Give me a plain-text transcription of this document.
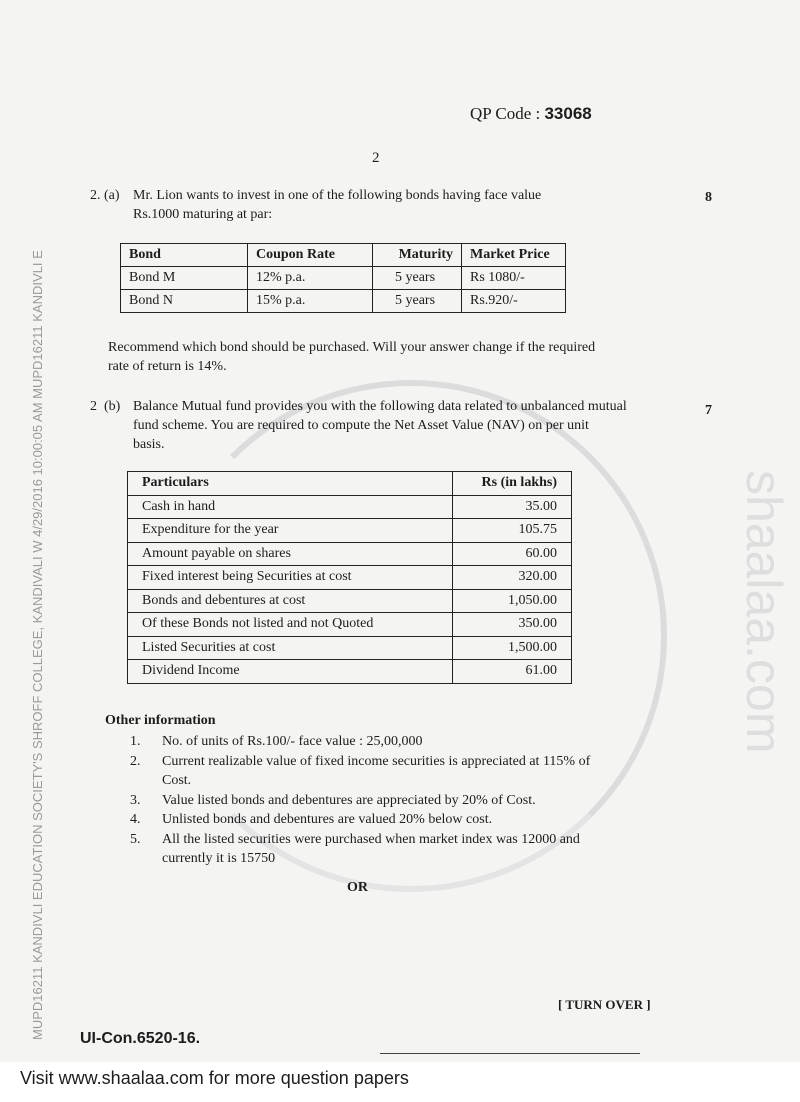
shaalaa.com
MUPD16211 KANDIVLI EDUCATION SOCIETY'S SHROFF COLLEGE, KANDIVALI W 4/29/2016 10:00:05 AM MUPD16211 KANDIVLI E
QP Code : 33068
2
2. (a) Mr. Lion wants to invest in one of the following bonds having face value
Rs.1000 maturing at par:
8
Bond	Coupon Rate	Maturity	Market Price
Bond M	12% p.a.	5 years	Rs 1080/-
Bond N	15% p.a.	5 years	Rs.920/-
Recommend which bond should be purchased. Will your answer change if the required
rate of return is 14%.
2 (b) Balance Mutual fund provides you with the following data related to unbalanced mutual
fund scheme. You are required to compute the Net Asset Value (NAV) on per unit
basis.
7
Particulars	Rs (in lakhs)
Cash in hand	35.00
Expenditure for the year	105.75
Amount payable on shares	60.00
Fixed interest being Securities at cost	320.00
Bonds and debentures at cost	1,050.00
Of these Bonds not listed and not Quoted	350.00
Listed Securities at cost	1,500.00
Dividend Income	61.00
Other information
1. No. of units of Rs.100/- face value : 25,00,000
2. Current realizable value of fixed income securities is appreciated at 115% of
Cost.
3. Value listed bonds and debentures are appreciated by 20% of Cost.
4. Unlisted bonds and debentures are valued 20% below cost.
5. All the listed securities were purchased when market index was 12000 and
currently it is 15750
OR
[ TURN OVER ]
UI-Con.6520-16.
Visit www.shaalaa.com for more question papers
